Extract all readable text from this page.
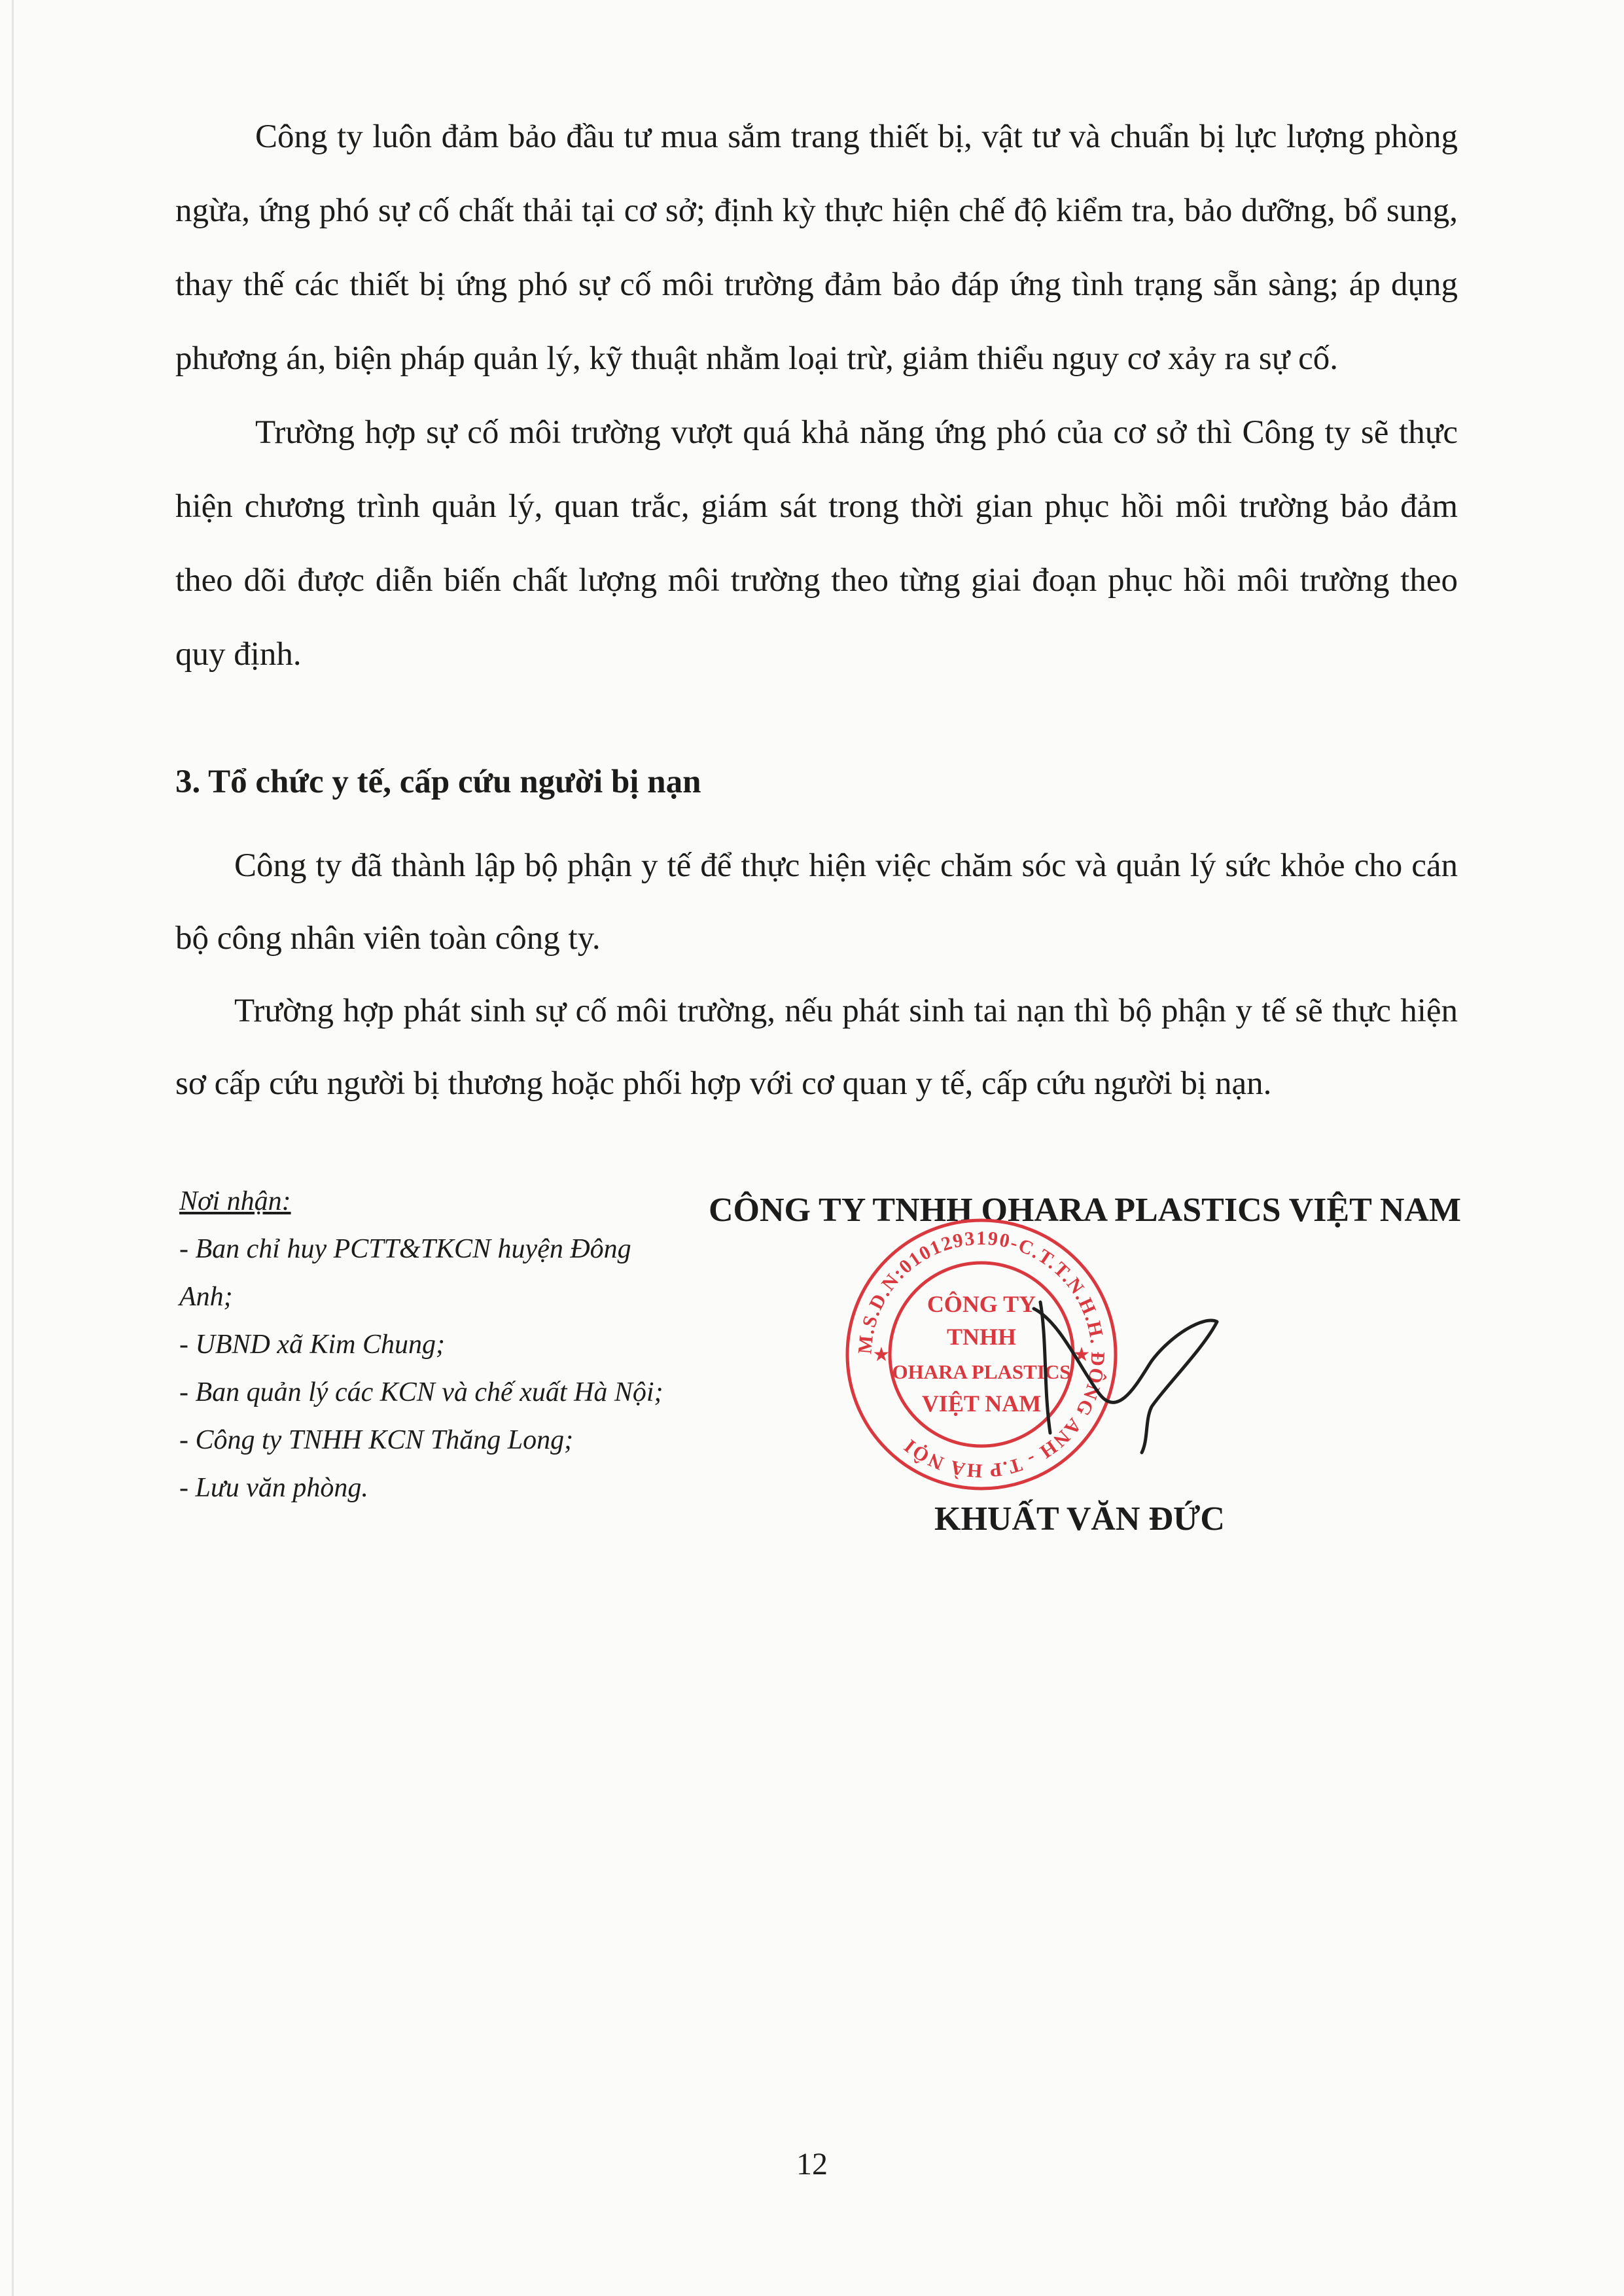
Công ty luôn đảm bảo đầu tư mua sắm trang thiết bị, vật tư và chuẩn bị lực lượng phòng ngừa, ứng phó sự cố chất thải tại cơ sở; định kỳ thực hiện chế độ kiểm tra, bảo dưỡng, bổ sung, thay thế các thiết bị ứng phó sự cố môi trường đảm bảo đáp ứng tình trạng sẵn sàng; áp dụng phương án, biện pháp quản lý, kỹ thuật nhằm loại trừ, giảm thiểu nguy cơ xảy ra sự cố.

Trường hợp sự cố môi trường vượt quá khả năng ứng phó của cơ sở thì Công ty sẽ thực hiện chương trình quản lý, quan trắc, giám sát trong thời gian phục hồi môi trường bảo đảm theo dõi được diễn biến chất lượng môi trường theo từng giai đoạn phục hồi môi trường theo quy định.

3. Tổ chức y tế, cấp cứu người bị nạn

Công ty đã thành lập bộ phận y tế để thực hiện việc chăm sóc và quản lý sức khỏe cho cán bộ công nhân viên toàn công ty.

Trường hợp phát sinh sự cố môi trường, nếu phát sinh tai nạn thì bộ phận y tế sẽ thực hiện sơ cấp cứu người bị thương hoặc phối hợp với cơ quan y tế, cấp cứu người bị nạn.

Nơi nhận:
- Ban chỉ huy PCTT&TKCN huyện Đông Anh;
- UBND xã Kim Chung;
- Ban quản lý các KCN và chế xuất Hà Nội;
- Công ty TNHH KCN Thăng Long;
- Lưu văn phòng.
CÔNG TY TNHH OHARA PLASTICS VIỆT NAM
M.S.D.N:0101293190-C.T.T.N.H.H. ĐÔNG ANH - T.P HÀ NỘI
CÔNG TY
TNHH
OHARA PLASTICS
VIỆT NAM
★	★
KHUẤT VĂN ĐỨC
12
